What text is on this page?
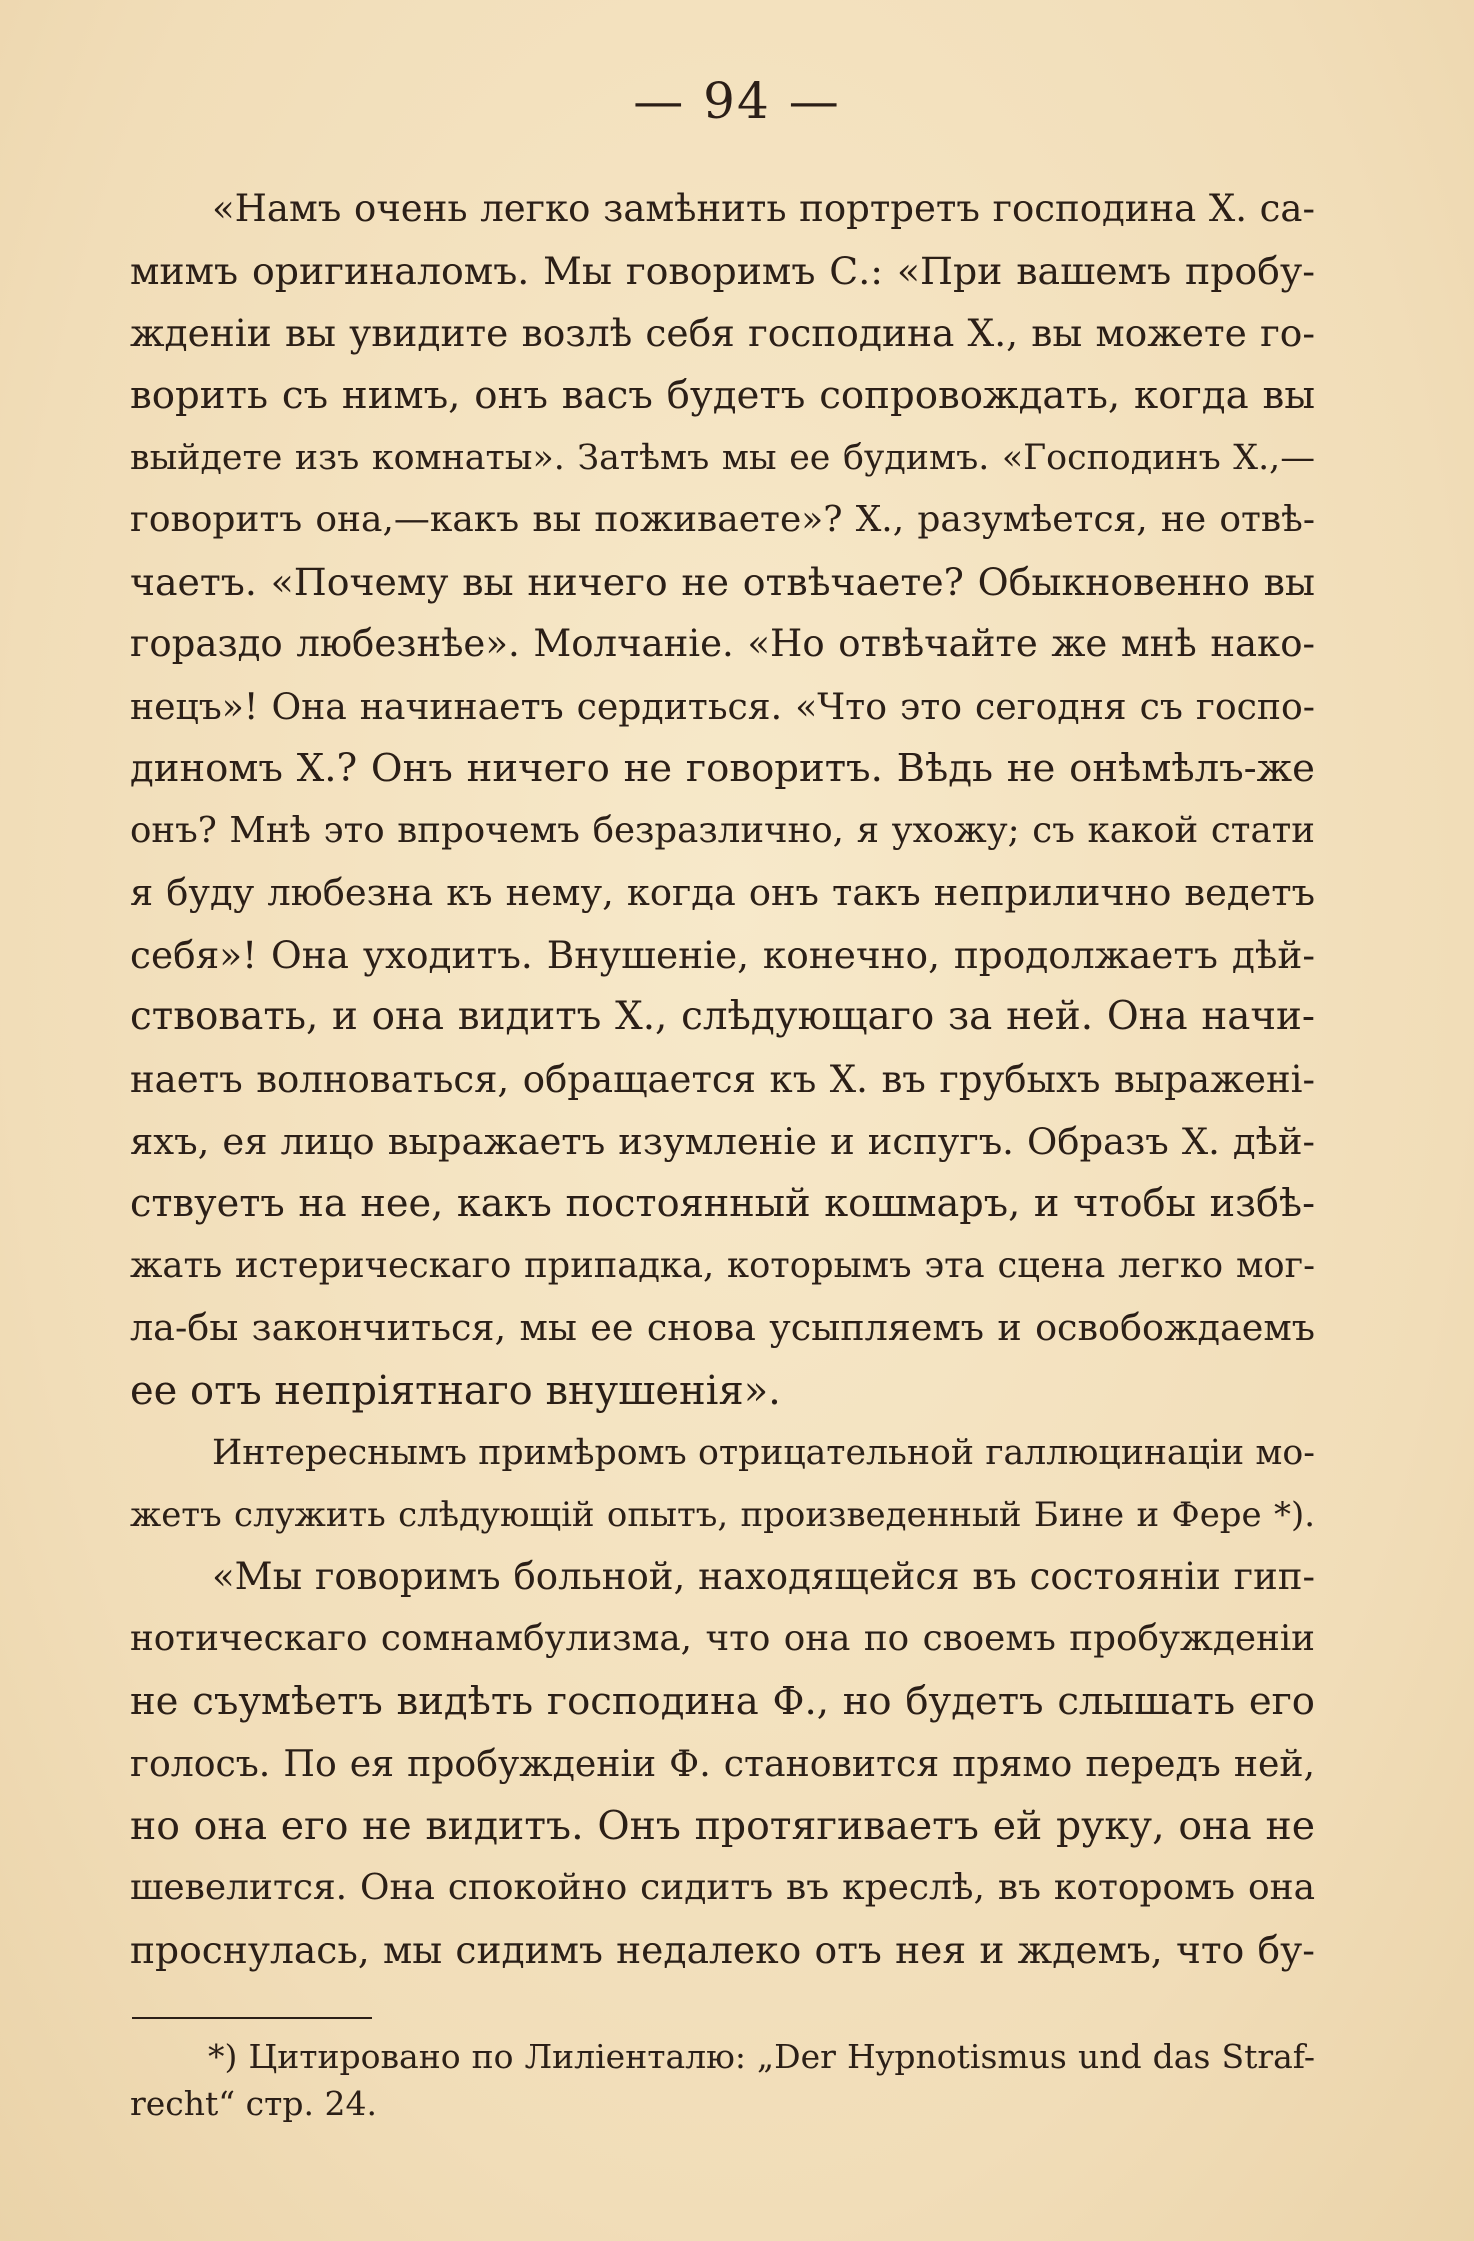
— 94 —
«Намъ очень легко замѣнить портретъ господина X. са-
мимъ оригиналомъ. Мы говоримъ С.: «При вашемъ пробу-
жденіи вы увидите возлѣ себя господина X., вы можете го-
ворить съ нимъ, онъ васъ будетъ сопровождать, когда вы
выйдете изъ комнаты». Затѣмъ мы ее будимъ. «Господинъ X.,—
говоритъ она,—какъ вы поживаете»? X., разумѣется, не отвѣ-
чаетъ. «Почему вы ничего не отвѣчаете? Обыкновенно вы
гораздо любезнѣе». Молчаніе. «Но отвѣчайте же мнѣ нако-
нецъ»! Она начинаетъ сердиться. «Что это сегодня съ госпо-
диномъ X.? Онъ ничего не говоритъ. Вѣдь не онѣмѣлъ-же
онъ? Мнѣ это впрочемъ безразлично, я ухожу; съ какой стати
я буду любезна къ нему, когда онъ такъ неприлично ведетъ
себя»! Она уходитъ. Внушеніе, конечно, продолжаетъ дѣй-
ствовать, и она видитъ X., слѣдующаго за ней. Она начи-
наетъ волноваться, обращается къ X. въ грубыхъ выражені-
яхъ, ея лицо выражаетъ изумленіе и испугъ. Образъ X. дѣй-
ствуетъ на нее, какъ постоянный кошмаръ, и чтобы избѣ-
жать истерическаго припадка, которымъ эта сцена легко мог-
ла-бы закончиться, мы ее снова усыпляемъ и освобождаемъ
ее отъ непріятнаго внушенія».
Интереснымъ примѣромъ отрицательной галлюцинаціи мо-
жетъ служить слѣдующій опытъ, произведенный Бине и Фере *).
«Мы говоримъ больной, находящейся въ состояніи гип-
нотическаго сомнамбулизма, что она по своемъ пробужденіи
не съумѣетъ видѣть господина Ф., но будетъ слышать его
голосъ. По ея пробужденіи Ф. становится прямо передъ ней,
но она его не видитъ. Онъ протягиваетъ ей руку, она не
шевелится. Она спокойно сидитъ въ креслѣ, въ которомъ она
проснулась, мы сидимъ недалеко отъ нея и ждемъ, что бу-
*) Цитировано по Лиліенталю: „Der Hypnotismus und das Straf-
recht“ стр. 24.
